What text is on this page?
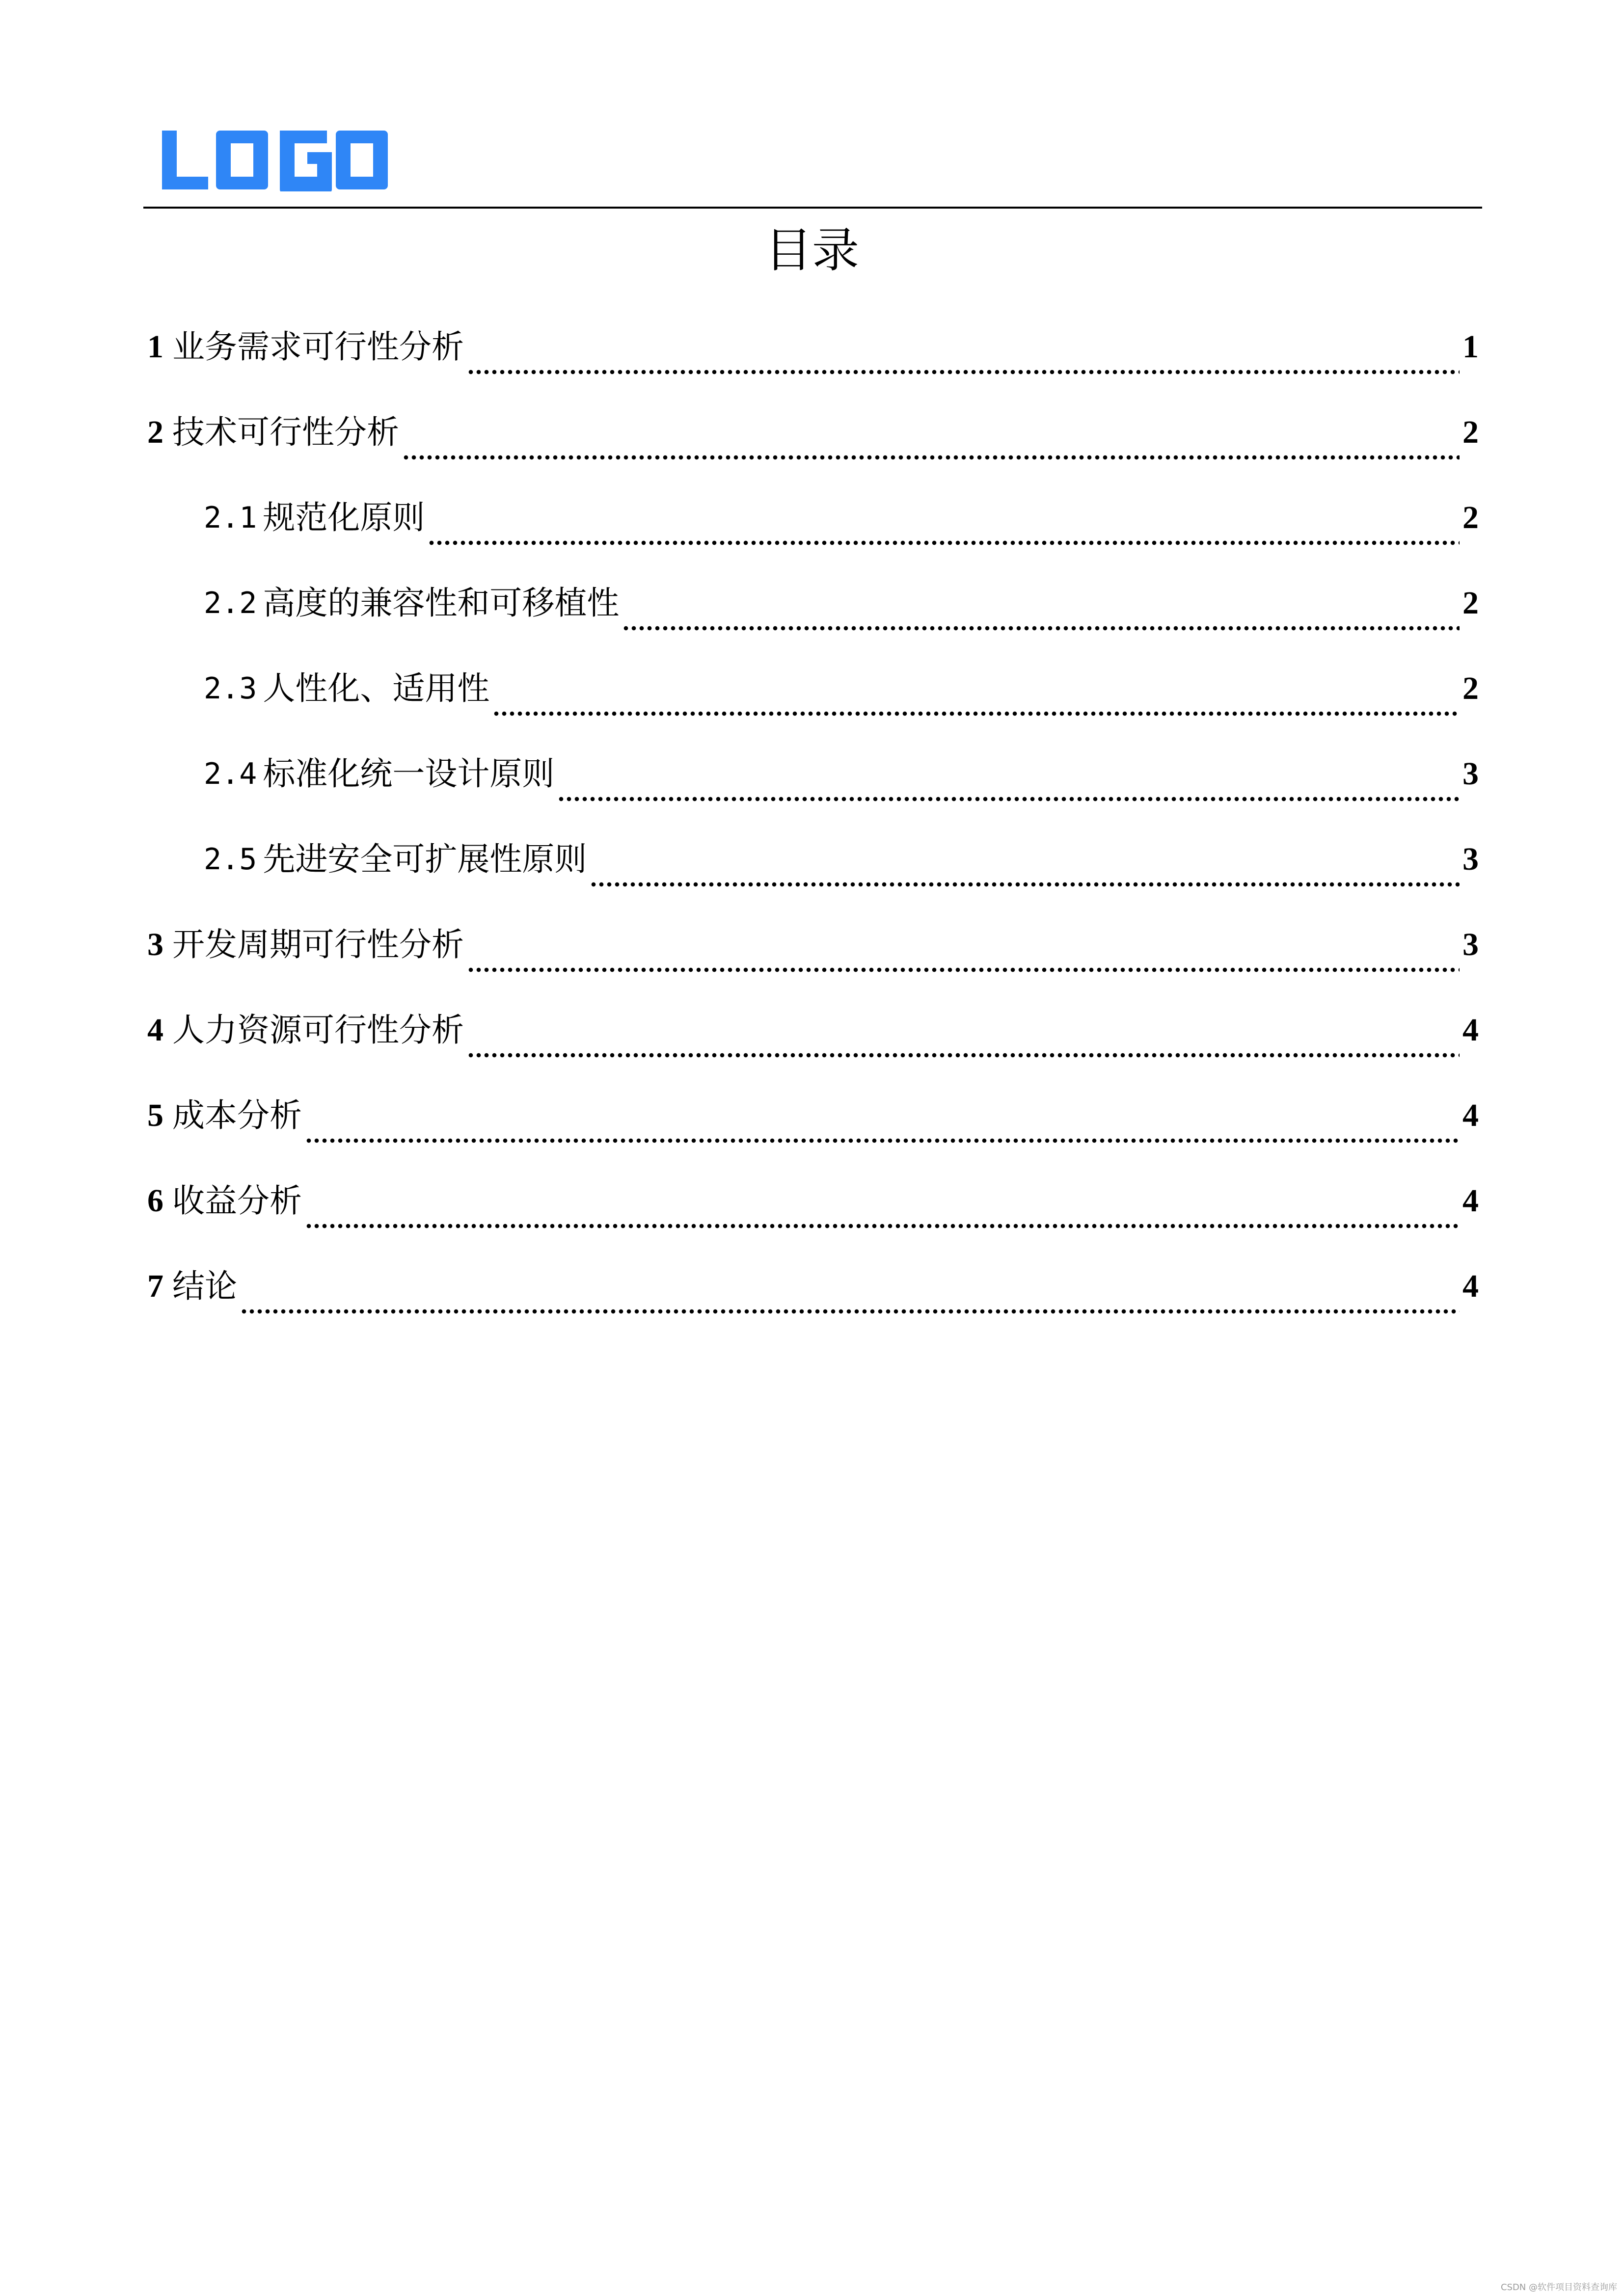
目录
1 业务需求可行性分析	1
2 技术可行性分析	2
2.1 规范化原则	2
2.2 高度的兼容性和可移植性	2
2.3 人性化、适用性	2
2.4 标准化统一设计原则	3
2.5 先进安全可扩展性原则	3
3 开发周期可行性分析	3
4 人力资源可行性分析	4
5 成本分析	4
6 收益分析	4
7 结论	4
CSDN @软件项目资料查询库
